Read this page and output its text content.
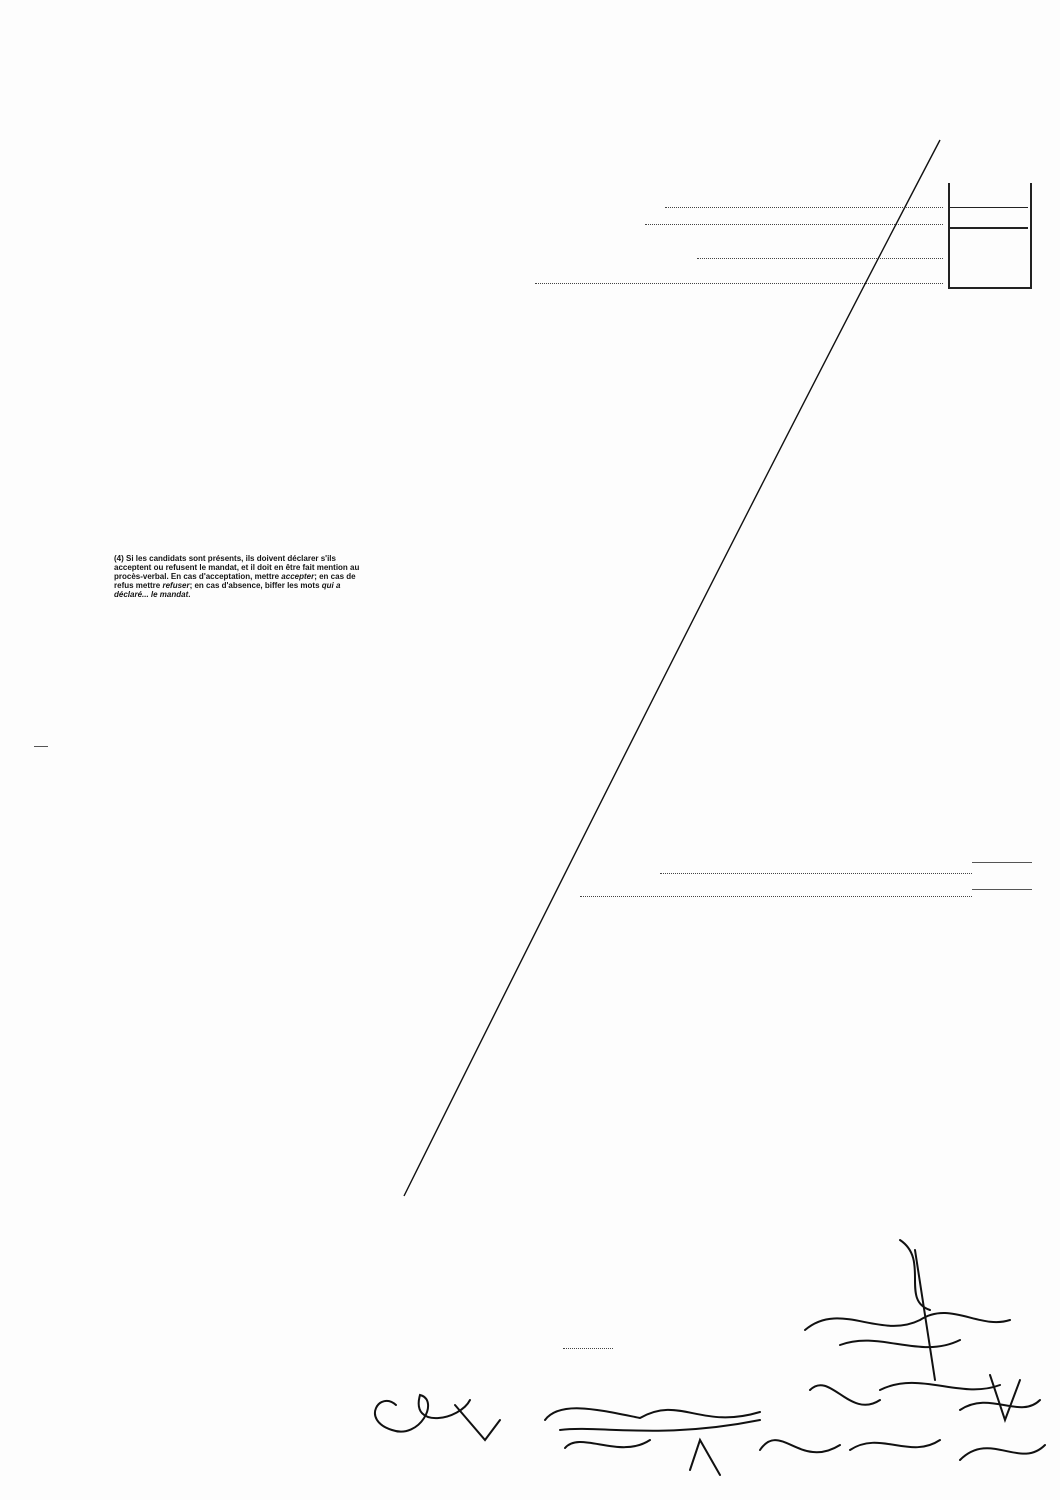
(4) Si les candidats sont présents, ils doivent déclarer s'ils acceptent ou refusent le mandat, et il doit en être fait mention au procès-verbal. En cas d'acceptation, mettre accepter; en cas de refus mettre refuser; en cas d'absence, biffer les mots qui a déclaré... le mandat.
